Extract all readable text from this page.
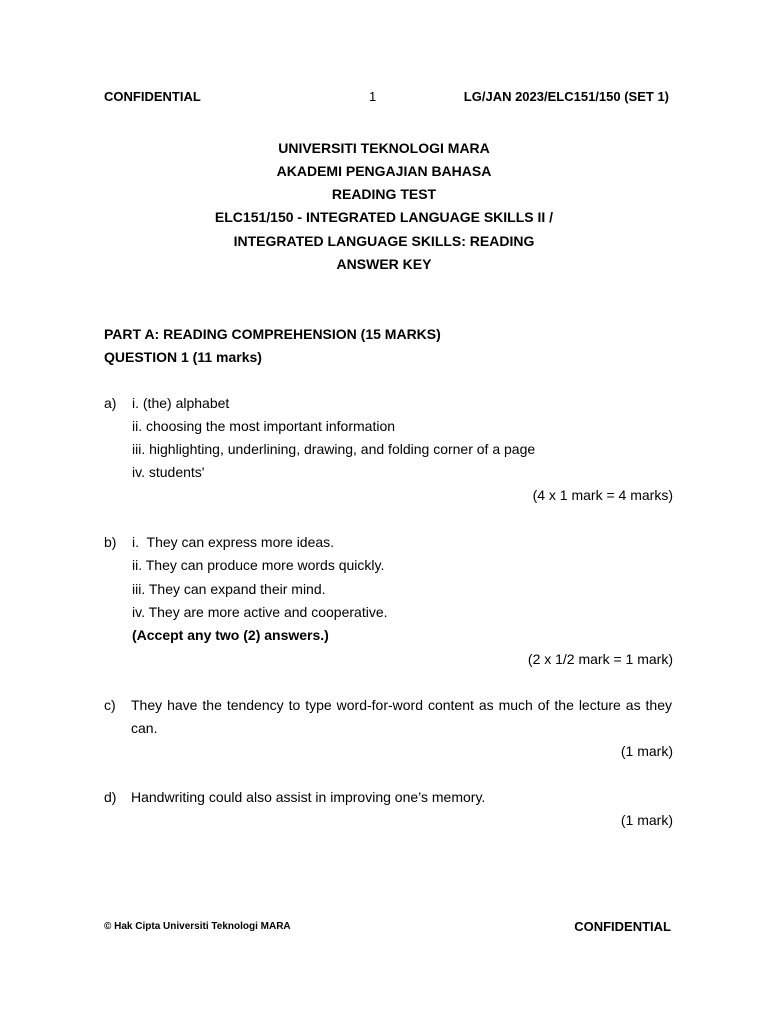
CONFIDENTIAL	1	LG/JAN 2023/ELC151/150 (SET 1)
UNIVERSITI TEKNOLOGI MARA
AKADEMI PENGAJIAN BAHASA
READING TEST
ELC151/150 - INTEGRATED LANGUAGE SKILLS II /
INTEGRATED LANGUAGE SKILLS: READING
ANSWER KEY
PART A: READING COMPREHENSION (15 MARKS)
QUESTION 1 (11 marks)
a) i. (the) alphabet
ii. choosing the most important information
iii. highlighting, underlining, drawing, and folding corner of a page
iv. students'
(4 x 1 mark = 4 marks)
b) i.  They can express more ideas.
ii. They can produce more words quickly.
iii. They can expand their mind.
iv. They are more active and cooperative.
(Accept any two (2) answers.)
(2 x 1/2 mark = 1 mark)
c) They have the tendency to type word-for-word content as much of the lecture as they
can.
(1 mark)
d) Handwriting could also assist in improving one’s memory.
(1 mark)
© Hak Cipta Universiti Teknologi MARA	CONFIDENTIAL
